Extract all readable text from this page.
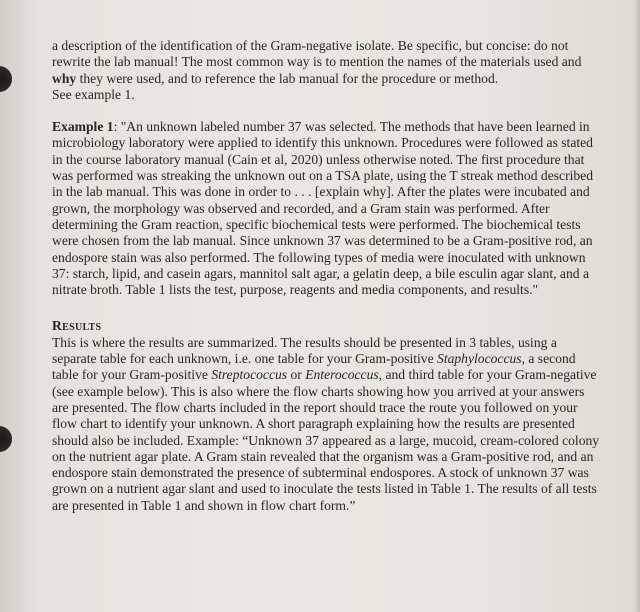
a description of the identification of the Gram-negative isolate. Be specific, but concise: do not rewrite the lab manual! The most common way is to mention the names of the materials used and why they were used, and to reference the lab manual for the procedure or method.

See example 1.

Example 1: "An unknown labeled number 37 was selected. The methods that have been learned in microbiology laboratory were applied to identify this unknown. Procedures were followed as stated in the course laboratory manual (Cain et al, 2020) unless otherwise noted. The first procedure that was performed was streaking the unknown out on a TSA plate, using the T streak method described in the lab manual. This was done in order to . . . [explain why]. After the plates were incubated and grown, the morphology was observed and recorded, and a Gram stain was performed. After determining the Gram reaction, specific biochemical tests were performed. The biochemical tests were chosen from the lab manual. Since unknown 37 was determined to be a Gram-positive rod, an endospore stain was also performed. The following types of media were inoculated with unknown 37: starch, lipid, and casein agars, mannitol salt agar, a gelatin deep, a bile esculin agar slant, and a nitrate broth. Table 1 lists the test, purpose, reagents and media components, and results."

Results

This is where the results are summarized. The results should be presented in 3 tables, using a separate table for each unknown, i.e. one table for your Gram-positive Staphylococcus, a second table for your Gram-positive Streptococcus or Enterococcus, and third table for your Gram-negative (see example below). This is also where the flow charts showing how you arrived at your answers are presented. The flow charts included in the report should trace the route you followed on your flow chart to identify your unknown. A short paragraph explaining how the results are presented should also be included. Example: “Unknown 37 appeared as a large, mucoid, cream-colored colony on the nutrient agar plate. A Gram stain revealed that the organism was a Gram-positive rod, and an endospore stain demonstrated the presence of subterminal endospores. A stock of unknown 37 was grown on a nutrient agar slant and used to inoculate the tests listed in Table 1. The results of all tests are presented in Table 1 and shown in flow chart form.”
